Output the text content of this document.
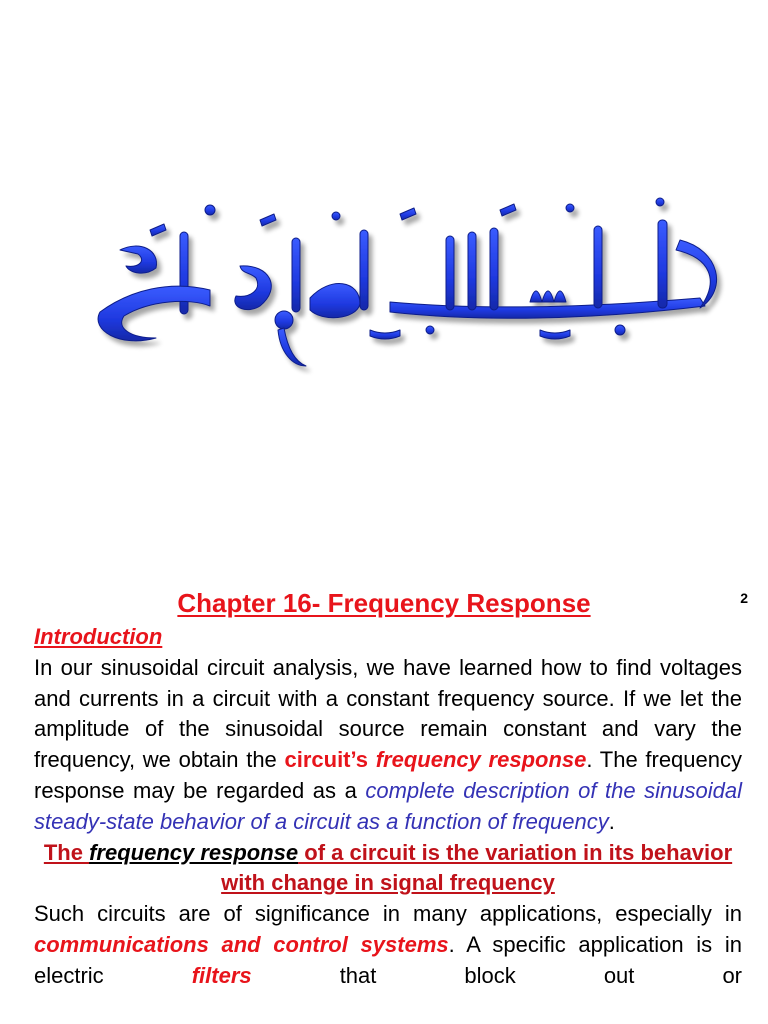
2
Chapter 16- Frequency Response
Introduction
In our sinusoidal circuit analysis, we have learned how to find voltages and currents in a circuit with a constant frequency source. If we let the amplitude of the sinusoidal source remain constant and vary the frequency, we obtain the circuit’s frequency response. The frequency response may be regarded as a complete description of the sinusoidal steady-state behavior of a circuit as a function of frequency.
The frequency response of a circuit is the variation in its behavior with change in signal frequency
Such circuits are of significance in many applications, especially in communications and control systems. A specific application is in electric filters that block out or
